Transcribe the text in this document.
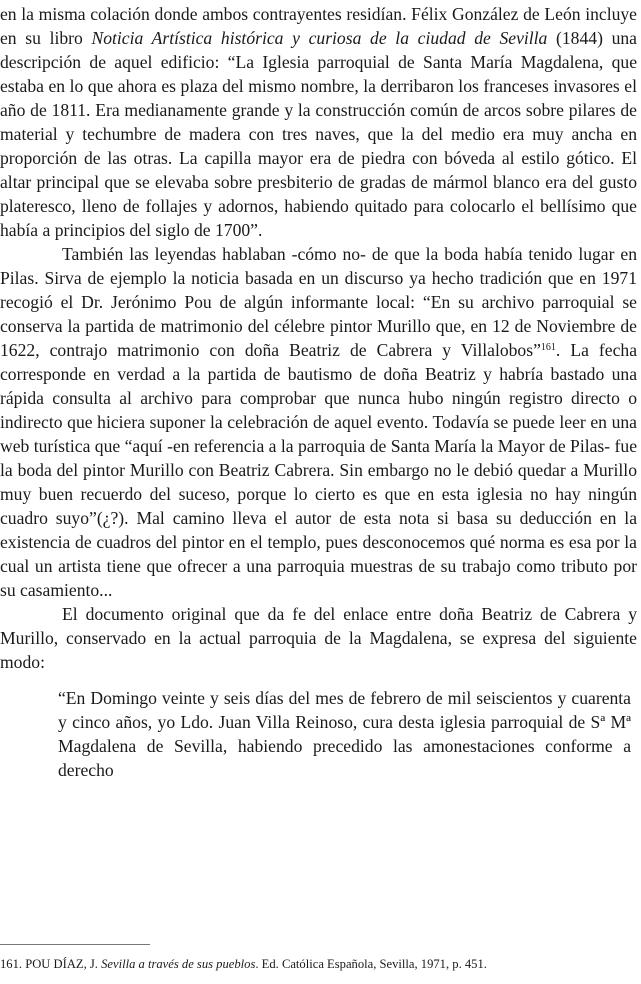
en la misma colación donde ambos contrayentes residían. Félix González de León incluye en su libro Noticia Artística histórica y curiosa de la ciudad de Sevilla (1844) una descripción de aquel edificio: “La Iglesia parroquial de Santa María Magdalena, que estaba en lo que ahora es plaza del mismo nombre, la derribaron los franceses invasores el año de 1811. Era medianamente grande y la construcción común de arcos sobre pilares de material y techumbre de madera con tres naves, que la del medio era muy ancha en proporción de las otras. La capilla mayor era de piedra con bóveda al estilo gótico. El altar principal que se elevaba sobre presbiterio de gradas de mármol blanco era del gusto plateresco, lleno de follajes y adornos, habiendo quitado para colocarlo el bellísimo que había a principios del siglo de 1700”.

También las leyendas hablaban -cómo no- de que la boda había tenido lugar en Pilas. Sirva de ejemplo la noticia basada en un discurso ya hecho tradición que en 1971 recogió el Dr. Jerónimo Pou de algún informante local: “En su archivo parroquial se conserva la partida de matrimonio del célebre pintor Murillo que, en 12 de Noviembre de 1622, contrajo matrimonio con doña Beatriz de Cabrera y Villalobos”$^{161}$. La fecha corresponde en verdad a la partida de bautismo de doña Beatriz y habría bastado una rápida consulta al archivo para comprobar que nunca hubo ningún registro directo o indirecto que hiciera suponer la celebración de aquel evento. Todavía se puede leer en una web turística que “aquí -en referencia a la parroquia de Santa María la Mayor de Pilas- fue la boda del pintor Murillo con Beatriz Cabrera. Sin embargo no le debió quedar a Murillo muy buen recuerdo del suceso, porque lo cierto es que en esta iglesia no hay ningún cuadro suyo”(¿?). Mal camino lleva el autor de esta nota si basa su deducción en la existencia de cuadros del pintor en el templo, pues desconocemos qué norma es esa por la cual un artista tiene que ofrecer a una parroquia muestras de su trabajo como tributo por su casamiento...

El documento original que da fe del enlace entre doña Beatriz de Cabrera y Murillo, conservado en la actual parroquia de la Magdalena, se expresa del siguiente modo:

“En Domingo veinte y seis días del mes de febrero de mil seiscientos y cuarenta y cinco años, yo Ldo. Juan Villa Reinoso, cura desta iglesia parroquial de Sª Mª Magdalena de Sevilla, habiendo precedido las amonestaciones conforme a derecho

161. POU DÍAZ, J. Sevilla a través de sus pueblos. Ed. Católica Española, Sevilla, 1971, p. 451.
